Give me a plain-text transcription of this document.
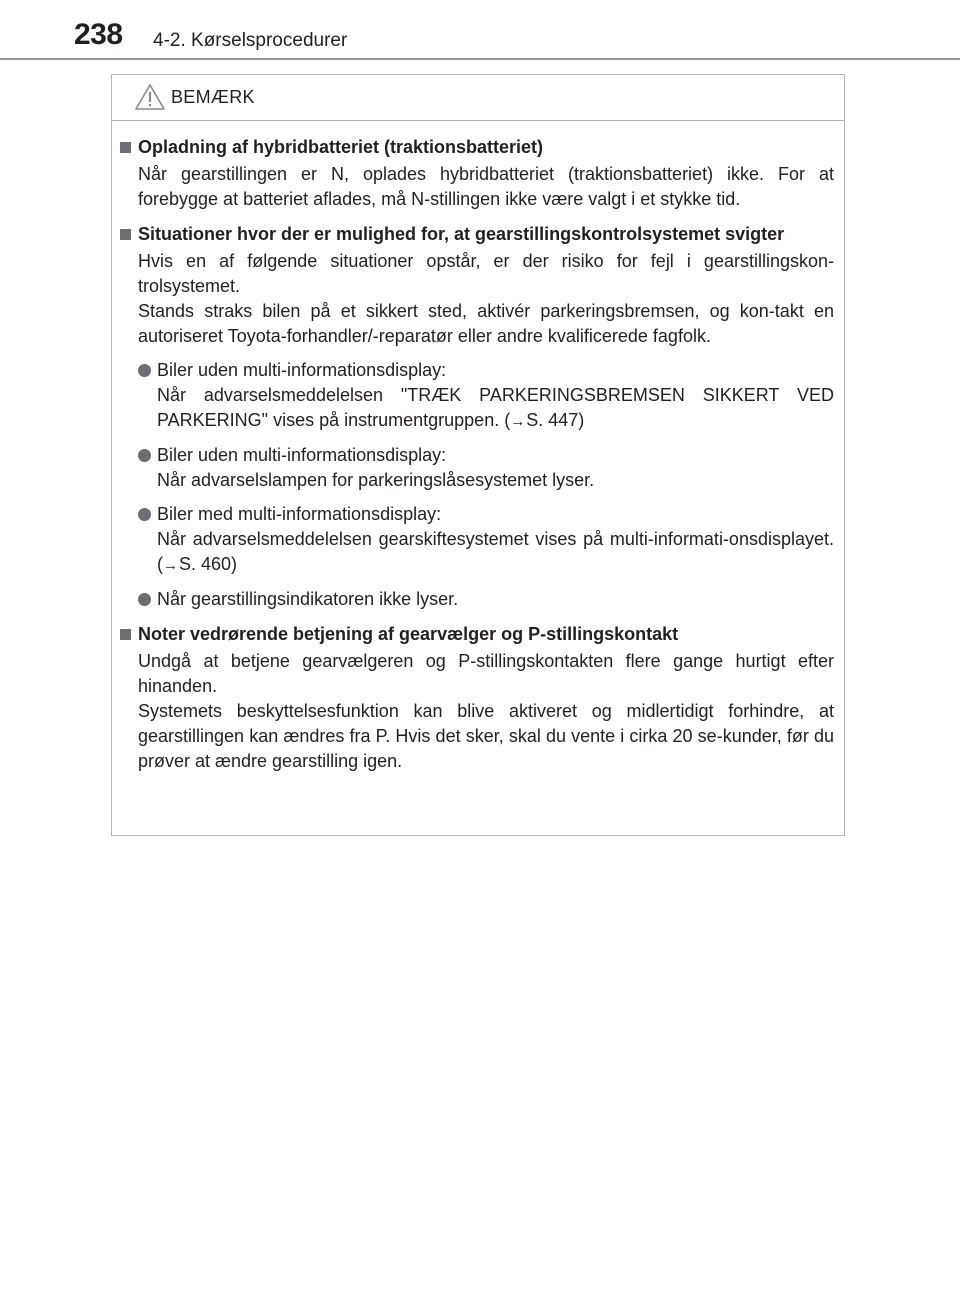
238 4-2. Kørselsprocedurer
BEMÆRK
Opladning af hybridbatteriet (traktionsbatteriet)
Når gearstillingen er N, oplades hybridbatteriet (traktionsbatteriet) ikke. For at forebygge at batteriet aflades, må N-stillingen ikke være valgt i et stykke tid.
Situationer hvor der er mulighed for, at gearstillingskontrolsystemet svigter
Hvis en af følgende situationer opstår, er der risiko for fejl i gearstillingskon-trolsystemet.
Stands straks bilen på et sikkert sted, aktivér parkeringsbremsen, og kon-takt en autoriseret Toyota-forhandler/-reparatør eller andre kvalificerede fagfolk.
Biler uden multi-informationsdisplay:
Når advarselsmeddelelsen "TRÆK PARKERINGSBREMSEN SIKKERT VED PARKERING" vises på instrumentgruppen. (→S. 447)
Biler uden multi-informationsdisplay:
Når advarselslampen for parkeringslåsesystemet lyser.
Biler med multi-informationsdisplay:
Når advarselsmeddelelsen gearskiftesystemet vises på multi-informati-onsdisplayet. (→S. 460)
Når gearstillingsindikatoren ikke lyser.
Noter vedrørende betjening af gearvælger og P-stillingskontakt
Undgå at betjene gearvælgeren og P-stillingskontakten flere gange hurtigt efter hinanden.
Systemets beskyttelsesfunktion kan blive aktiveret og midlertidigt forhindre, at gearstillingen kan ændres fra P. Hvis det sker, skal du vente i cirka 20 se-kunder, før du prøver at ændre gearstilling igen.
